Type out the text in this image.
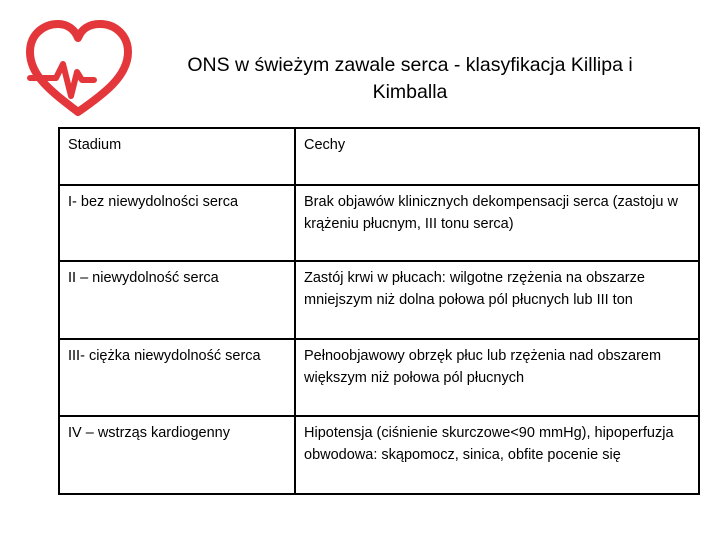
ONS w świeżym zawale serca - klasyfikacja Killipa i Kimballa
Stadium	Cechy
I- bez niewydolności serca	Brak objawów klinicznych dekompensacji serca (zastoju w krążeniu płucnym, III tonu serca)
II – niewydolność serca	Zastój krwi w płucach: wilgotne rzężenia na obszarze mniejszym niż dolna połowa pól płucnych lub III ton
III- ciężka niewydolność serca	Pełnoobjawowy obrzęk płuc lub rzężenia nad obszarem większym niż połowa pól płucnych
IV – wstrząs kardiogenny	Hipotensja (ciśnienie skurczowe<90 mmHg), hipoperfuzja obwodowa: skąpomocz, sinica, obfite pocenie się
